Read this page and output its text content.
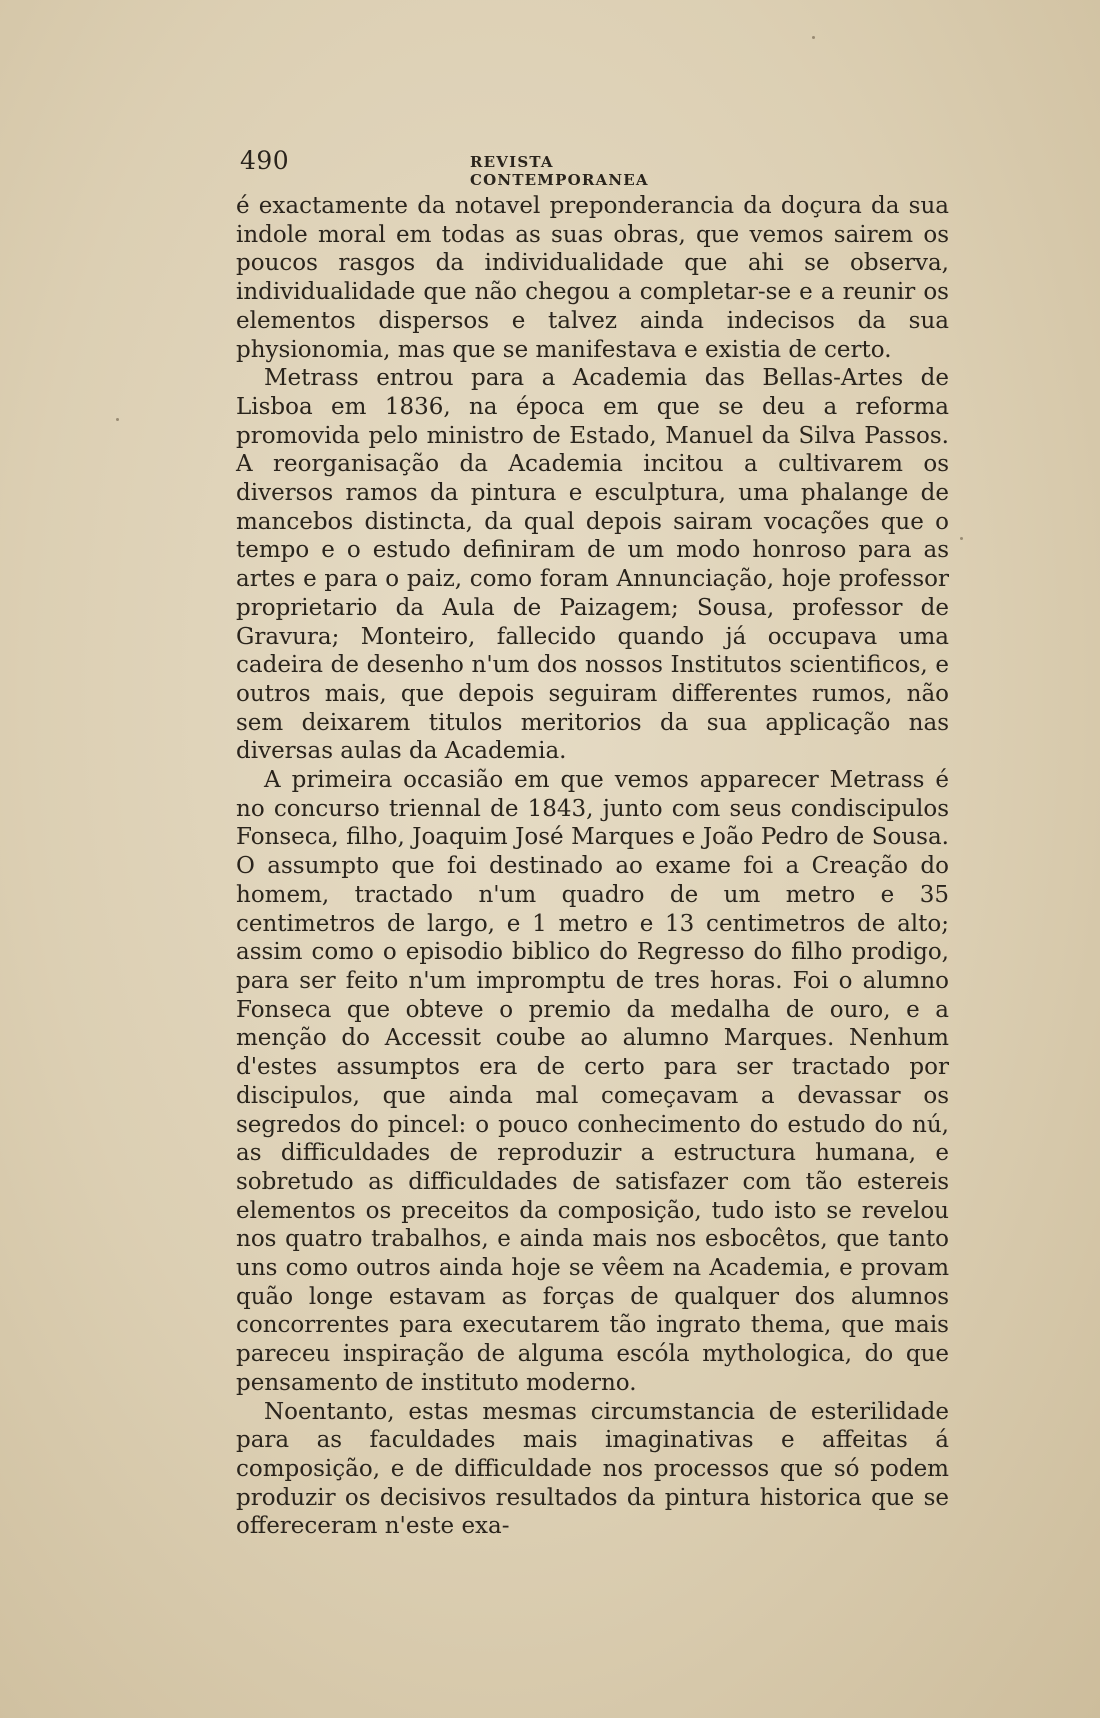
490	REVISTA CONTEMPORANEA

é exactamente da notavel preponderancia da doçura da sua indole moral em todas as suas obras, que vemos sairem os poucos rasgos da individualidade que ahi se observa, individualidade que não chegou a completar-se e a reunir os elementos dispersos e talvez ainda indecisos da sua physionomia, mas que se manifestava e existia de certo.

Metrass entrou para a Academia das Bellas-Artes de Lisboa em 1836, na época em que se deu a reforma promovida pelo ministro de Estado, Manuel da Silva Passos. A reorganisação da Academia incitou a cultivarem os diversos ramos da pintura e esculptura, uma phalange de mancebos distincta, da qual depois sairam vocações que o tempo e o estudo definiram de um modo honroso para as artes e para o paiz, como foram Annunciação, hoje professor proprietario da Aula de Paizagem; Sousa, professor de Gravura; Monteiro, fallecido quando já occupava uma cadeira de desenho n'um dos nossos Institutos scientificos, e outros mais, que depois seguiram differentes rumos, não sem deixarem titulos meritorios da sua applicação nas diversas aulas da Academia.

A primeira occasião em que vemos apparecer Metrass é no concurso triennal de 1843, junto com seus condiscipulos Fonseca, filho, Joaquim José Marques e João Pedro de Sousa. O assumpto que foi destinado ao exame foi a Creação do homem, tractado n'um quadro de um metro e 35 centimetros de largo, e 1 metro e 13 centimetros de alto; assim como o episodio biblico do Regresso do filho prodigo, para ser feito n'um impromptu de tres horas. Foi o alumno Fonseca que obteve o premio da medalha de ouro, e a menção do Accessit coube ao alumno Marques. Nenhum d'estes assumptos era de certo para ser tractado por discipulos, que ainda mal começavam a devassar os segredos do pincel: o pouco conhecimento do estudo do nú, as difficuldades de reproduzir a estructura humana, e sobretudo as difficuldades de satisfazer com tão estereis elementos os preceitos da composição, tudo isto se revelou nos quatro trabalhos, e ainda mais nos esbocêtos, que tanto uns como outros ainda hoje se vêem na Academia, e provam quão longe estavam as forças de qualquer dos alumnos concorrentes para executarem tão ingrato thema, que mais pareceu inspiração de alguma escóla mythologica, do que pensamento de instituto moderno.

Noentanto, estas mesmas circumstancia de esterilidade para as faculdades mais imaginativas e affeitas á composição, e de difficuldade nos processos que só podem produzir os decisivos resultados da pintura historica que se offereceram n'este exa-
